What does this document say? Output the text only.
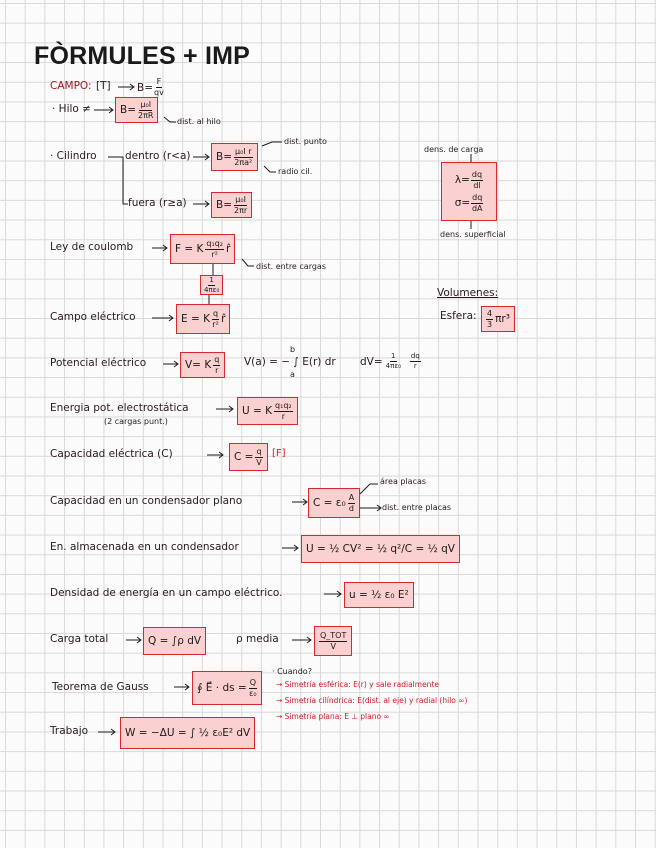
FÒRMULES + IMP
CAMPO: [T]	$B= \frac{F}{qv}$
· Hilo ≠	$B= \frac{\text{μ₀I}}{2\pi R}$
dist. al hilo
· Cilindro	dentro (r<a) $B= \frac{\text{μ₀I r}}{\text{2πa²}}$
dist. punto
radio cil.
fuera (r≥a)	$B= \frac{\text{μ₀I}}{2\pi r}$
dens. de carga
$\lambda= \frac{dq}{dl}$
$\sigma= \frac{dq}{dA}$
dens. superficial
Ley de coulomb	F = K $\frac{\text{q₁q₂}}{\text{r²}}$ r̂
dist. entre cargas
$\frac{1}{\text{4πε₀}}$	Volumenes:
Esfera: $\frac{4}{3} \pi r^3$
Campo eléctrico	E = K $\frac{q}{\text{r²}}$ r̂
Potencial eléctrico	V= K $\frac{q}{r}$
b
V(a) = − ∫ E(r) dr
a
$dV= \frac{1}{\text{4πε₀}} \frac{dq}{r}$
Energia pot. electrostática
(2 cargas punt.)
U = K $\frac{\text{q₁q₂}}{r}$
Capacidad eléctrica (C)	$C = \frac{q}{V} [F]$
Capacidad en un condensador plano	$C = \varepsilon_0 \frac{A}{d}$
área placas
dist. entre placas
En. almacenada en un condensador	U = ½ CV² = ½ q²/C = ½ qV
Densidad de energía en un campo eléctrico.	u = ½ ε₀ E²
Carga total	Q = ∫ρ dV	ρ media	$\frac{\text{Q\_TOT}}{V}$
Teorema de Gauss	∮ E⃗ · ds = $\frac{Q}{\text{ε₀}}$
· Cuando?
→ Simetría esférica: E(r) y sale radialmente
→ Simetría cilíndrica: E(dist. al eje) y radial (hilo ∞)
→ Simetría plana: E ⊥ plano ∞
Trabajo	W = −ΔU = ∫ ½ ε₀E² dV
